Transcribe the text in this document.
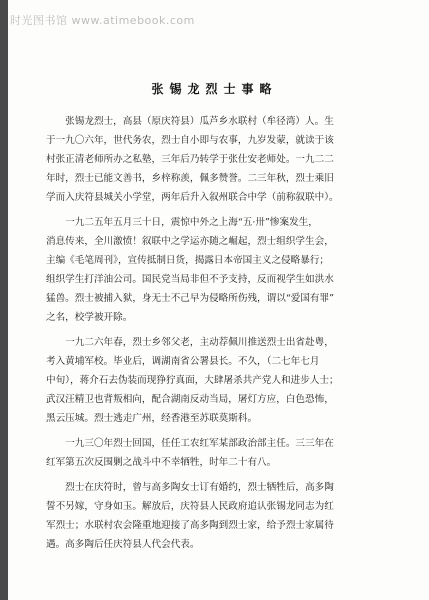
时光图书馆 www.atimebook.com
张锡龙烈士事略
　　张锡龙烈士，高县（原庆符县）瓜芦乡水联村（牟径湾）人。生
于一九〇六年，世代务农，烈士自小即与农事，九岁发蒙，就读于该
村张正清老师所办之私塾，三年后乃转学于张仕安老师处。一九二二
年时，烈士已能文善书，乡梓称羡，佩多赞誉。二三年秋，烈士乘旧
学而入庆符县城关小学堂，两年后升入叙州联合中学（前称叙联中）。
　　一九二五年五月三十日，震惊中外之上海“五·卅”惨案发生，
消息传来，全川激愤！叙联中之学运亦随之崛起，烈士组织学生会，
主编《毛笔周刊》，宣传抵制日货，揭露日本帝国主义之侵略暴行；
组织学生打洋油公司。国民党当局非但不予支持，反而视学生如洪水
猛兽。烈士被捕入狱，身无士不己早为侵略所伤残，谓以“爱国有罪”
之名，校学被开除。
　　一九二六年春，烈士乡邻父老，主动荐佩川推送烈士出省赴粤，
考入黄埔军校。毕业后，调湖南省公署县长。不久，（二七年七月
中旬），蒋介石去伪装而现狰狞真面，大肆屠杀共产党人和进步人士；
武汉汪精卫也背叛相向，配合湖南反动当局，屠灯方应，白色恐怖，
黑云压城。烈士逃走广州，经香港至苏联莫斯科。
　　一九三〇年烈士回国，任任工农红军某部政治部主任。三三年在
红军第五次反围剿之战斗中不幸牺牲，时年二十有八。
　　烈士在庆符时，曾与高多陶女士订有婚约，烈士牺牲后，高多陶
誓不另嫁，守身如玉。解放后，庆符县人民政府追认张锡龙同志为红
军烈士；水联村农会隆重地迎接了高多陶到烈士家，给予烈士家属待
遇。高多陶后任庆符县人代会代表。
